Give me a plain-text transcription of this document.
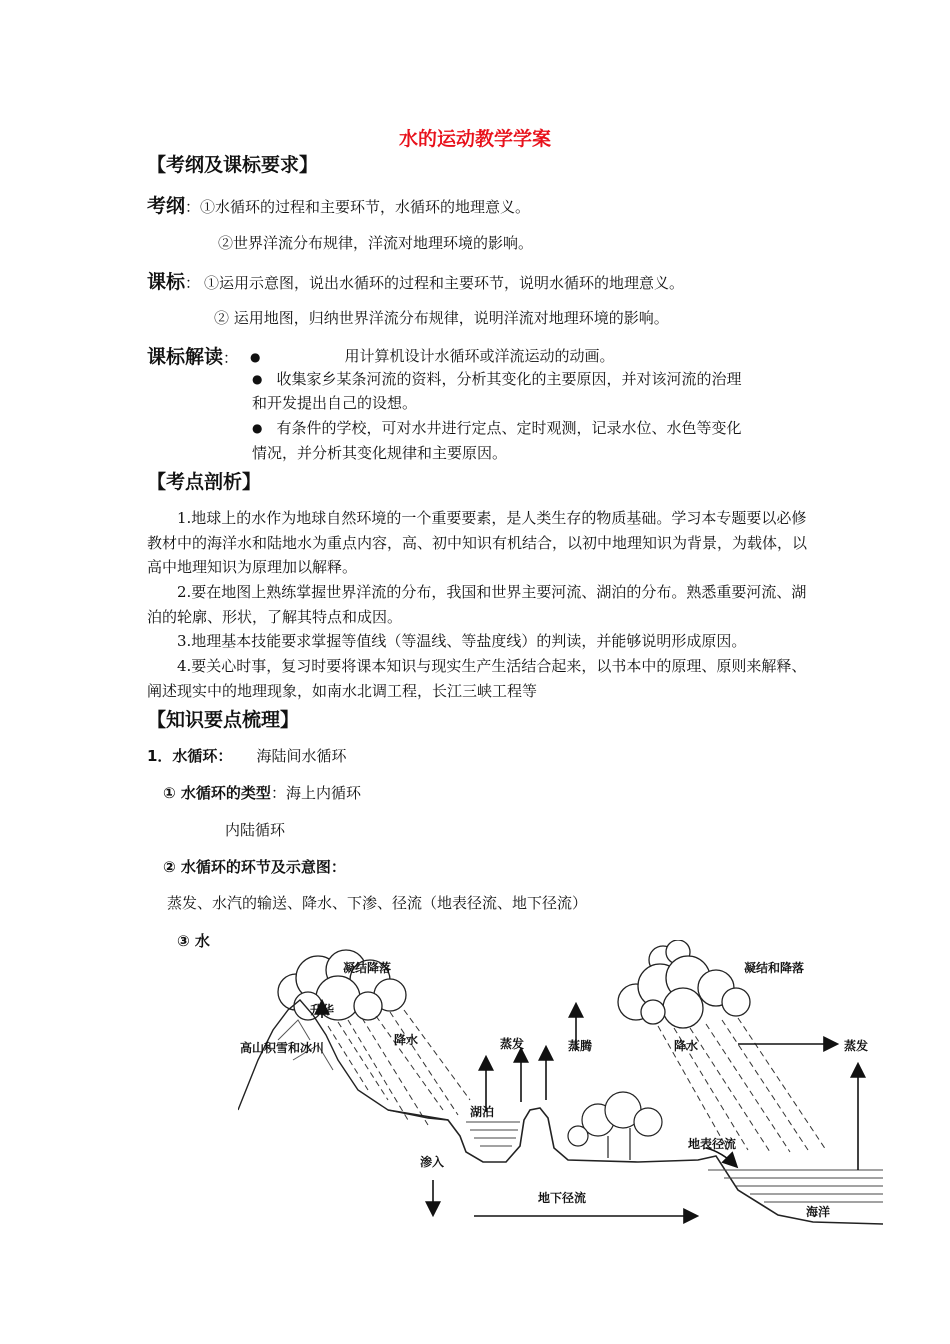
水的运动教学学案
【考纲及课标要求】
考纲：①水循环的过程和主要环节，水循环的地理意义。
②世界洋流分布规律，洋流对地理环境的影响。
课标： ①运用示意图，说出水循环的过程和主要环节，说明水循环的地理意义。
② 运用地图，归纳世界洋流分布规律，说明洋流对地理环境的影响。
课标解读： ●	用计算机设计水循环或洋流运动的动画。
● 收集家乡某条河流的资料，分析其变化的主要原因，并对该河流的治理
和开发提出自己的设想。
● 有条件的学校，可对水井进行定点、定时观测，记录水位、水色等变化
情况，并分析其变化规律和主要原因。
【考点剖析】
1.地球上的水作为地球自然环境的一个重要要素，是人类生存的物质基础。学习本专题要以必修教材中的海洋水和陆地水为重点内容，高、初中知识有机结合，以初中地理知识为背景，为载体，以高中地理知识为原理加以解释。
2.要在地图上熟练掌握世界洋流的分布，我国和世界主要河流、湖泊的分布。熟悉重要河流、湖泊的轮廓、形状，了解其特点和成因。
3.地理基本技能要求掌握等值线（等温线、等盐度线）的判读，并能够说明形成原因。
4.要关心时事，复习时要将课本知识与现实生产生活结合起来，以书本中的原理、原则来解释、阐述现实中的地理现象，如南水北调工程，长江三峡工程等
【知识要点梳理】
1．水循环： 海陆间水循环
① 水循环的类型：海上内循环
内陆循环
② 水循环的环节及示意图：
蒸发、水汽的输送、降水、下渗、径流（地表径流、地下径流）
③ 水
凝结降落
升华
高山积雪和冰川
降水	蒸发	蒸腾
湖泊
渗入
地下径流
凝结和降落
降水	蒸发
地表径流
海洋
